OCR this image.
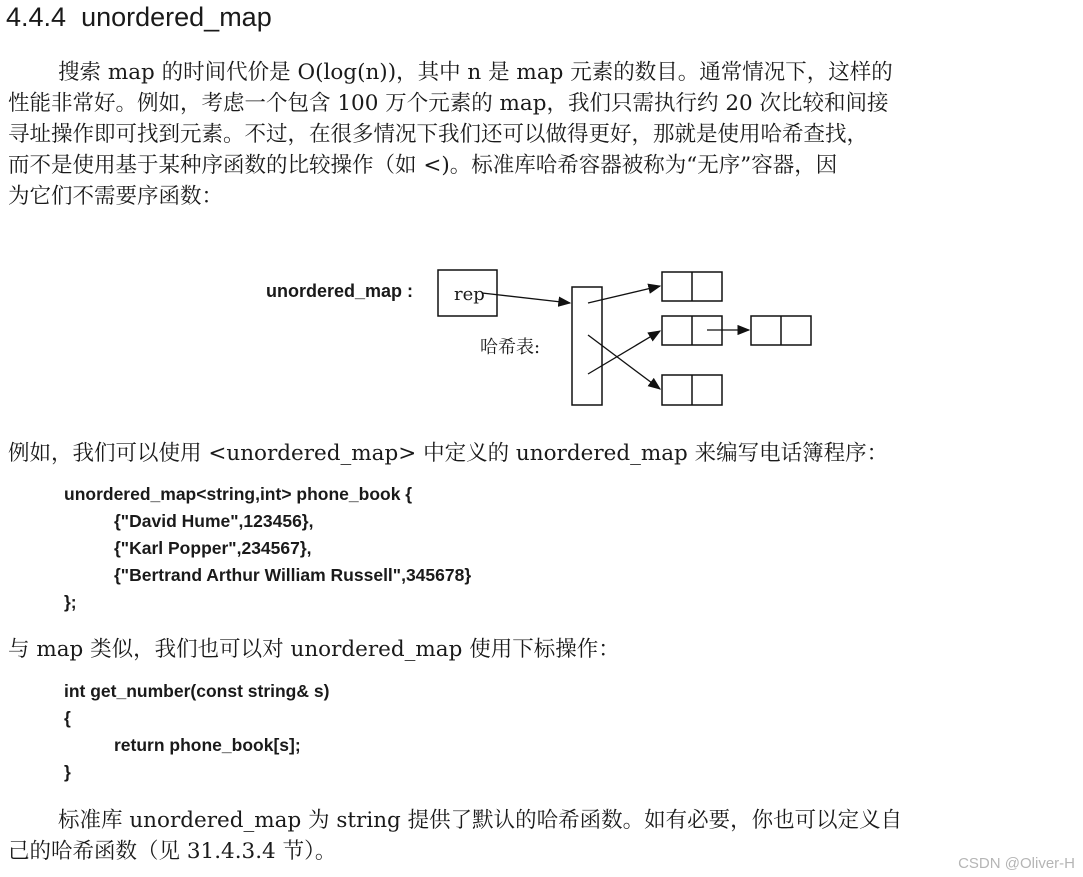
4.4.4 unordered_map
搜索 map 的时间代价是 O(log(n))，其中 n 是 map 元素的数目。通常情况下，这样的
性能非常好。例如，考虑一个包含 100 万个元素的 map，我们只需执行约 20 次比较和间接
寻址操作即可找到元素。不过，在很多情况下我们还可以做得更好，那就是使用哈希查找，
而不是使用基于某种序函数的比较操作（如 <)。标准库哈希容器被称为“无序”容器，因
为它们不需要序函数：
unordered_map :
哈希表:
rep
例如，我们可以使用 <unordered_map> 中定义的 unordered_map 来编写电话簿程序：
unordered_map<string,int> phone_book {
{"David Hume",123456},
{"Karl Popper",234567},
{"Bertrand Arthur William Russell",345678}
};
与 map 类似，我们也可以对 unordered_map 使用下标操作：
int get_number(const string& s)
{
return phone_book[s];
}
标准库 unordered_map 为 string 提供了默认的哈希函数。如有必要，你也可以定义自
己的哈希函数（见 31.4.3.4 节）。	CSDN @Oliver-H
